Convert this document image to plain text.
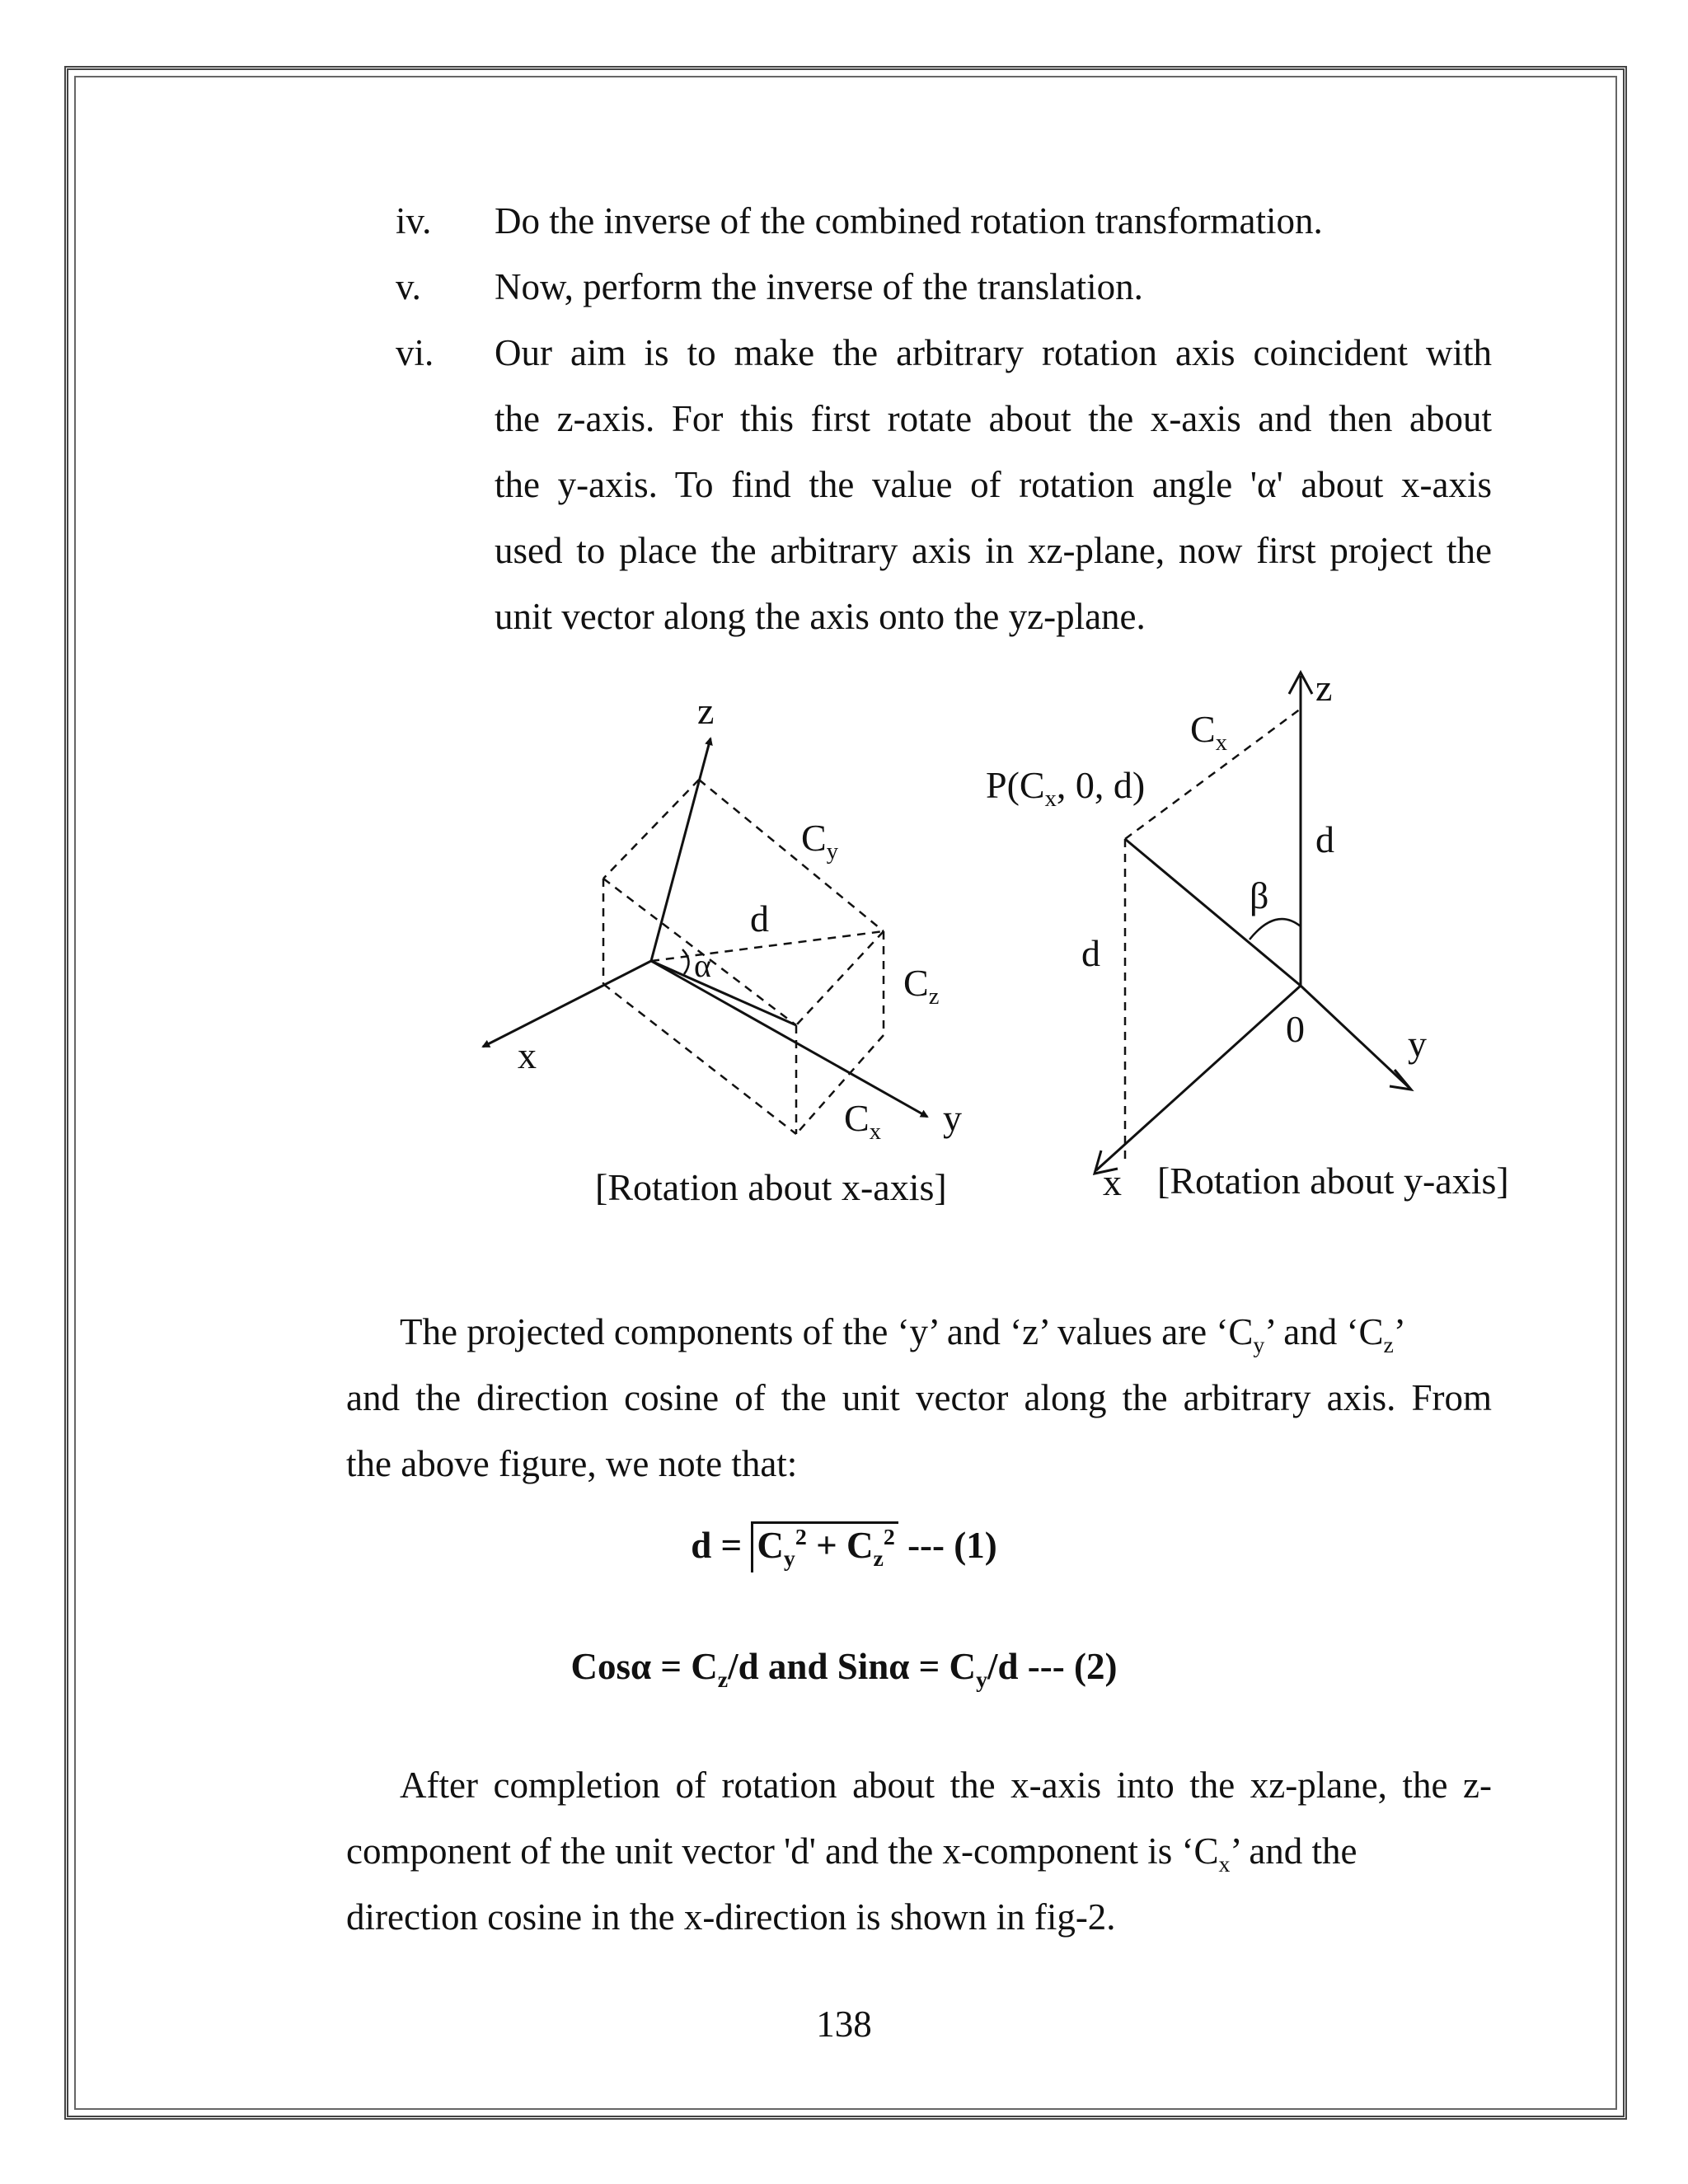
iv. Do the inverse of the combined rotation transformation.
v. Now, perform the inverse of the translation.
vi. Our aim is to make the arbitrary rotation axis coincident with
the z-axis. For this first rotate about the x-axis and then about
the y-axis. To find the value of rotation angle 'α' about x-axis
used to place the arbitrary axis in xz-plane, now first project the
unit vector along the axis onto the yz-plane.
z
x
y
$C_y$
$C_z$
$C_x$
d
α
[Rotation about x-axis]
z
y
x
0
d
d
β
$C_x$
$P(C_x$, 0, d)
[Rotation about y-axis]
The projected components of the ‘y’ and ‘z’ values are ‘$C_y$’ and ‘$C_z$’
and the direction cosine of the unit vector along the arbitrary axis. From
the above figure, we note that:
$d = C_y^2 + C_z^2$ --- (1)
$Cos\alpha = C_z/d$ and $Sin\alpha = C_y/d$ --- (2)
After completion of rotation about the x-axis into the xz-plane, the z-
component of the unit vector 'd' and the x-component is ‘$C_x$’ and the
direction cosine in the x-direction is shown in fig-2.
138
